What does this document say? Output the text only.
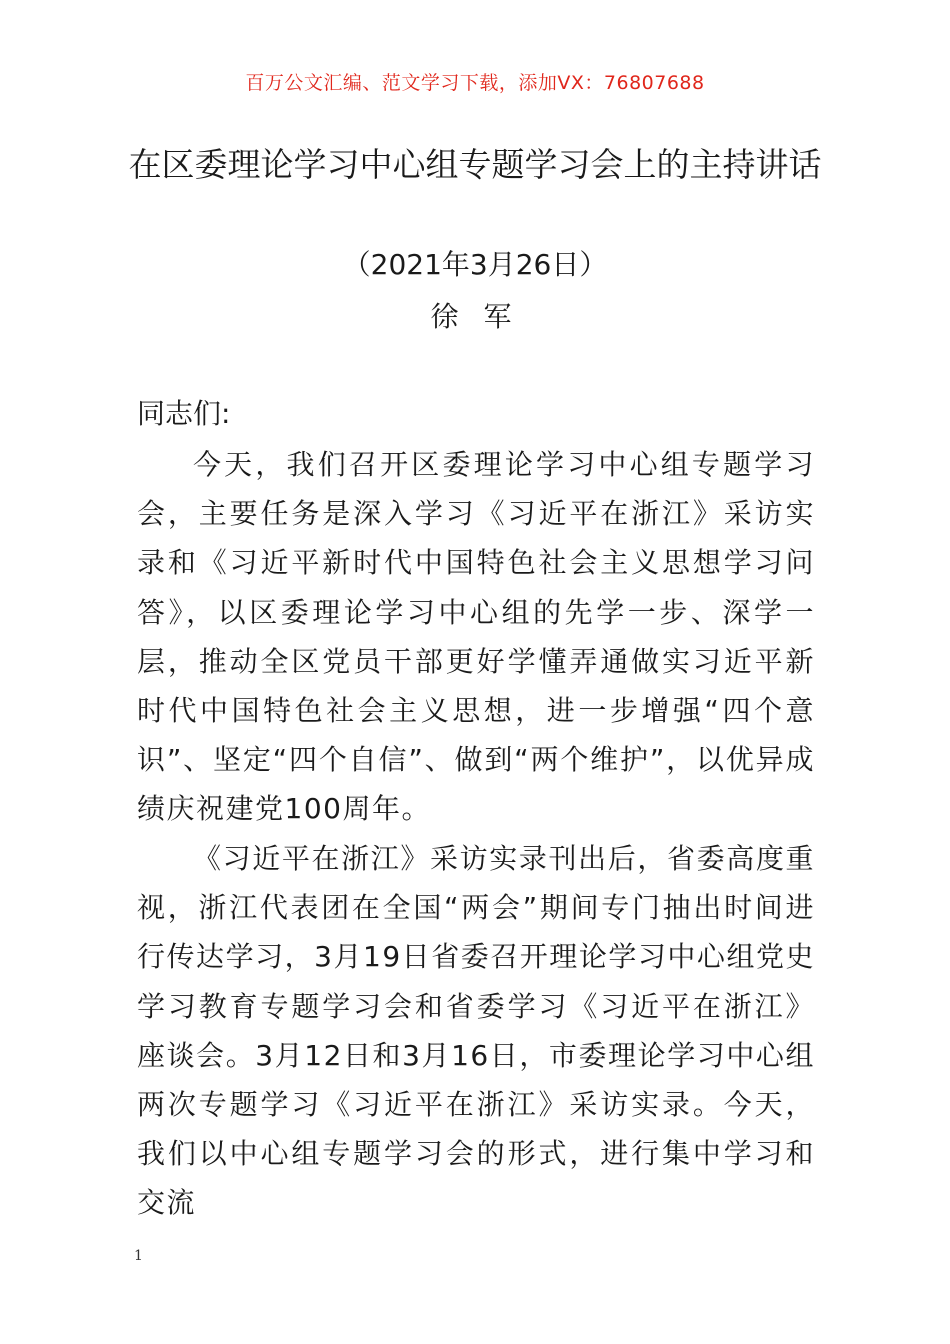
百万公文汇编、范文学习下载，添加VX：76807688
在区委理论学习中心组专题学习会上的主持讲话
（2021年3月26日）
徐 军
同志们:
今天，我们召开区委理论学习中心组专题学习会，主要任务是深入学习《习近平在浙江》采访实录和《习近平新时代中国特色社会主义思想学习问答》，以区委理论学习中心组的先学一步、深学一层，推动全区党员干部更好学懂弄通做实习近平新时代中国特色社会主义思想，进一步增强“四个意识”、坚定“四个自信”、做到“两个维护”，以优异成绩庆祝建党100周年。
《习近平在浙江》采访实录刊出后，省委高度重视，浙江代表团在全国“两会”期间专门抽出时间进行传达学习，3月19日省委召开理论学习中心组党史学习教育专题学习会和省委学习《习近平在浙江》座谈会。3月12日和3月16日，市委理论学习中心组两次专题学习《习近平在浙江》采访实录。今天，我们以中心组专题学习会的形式，进行集中学习和交流
1
